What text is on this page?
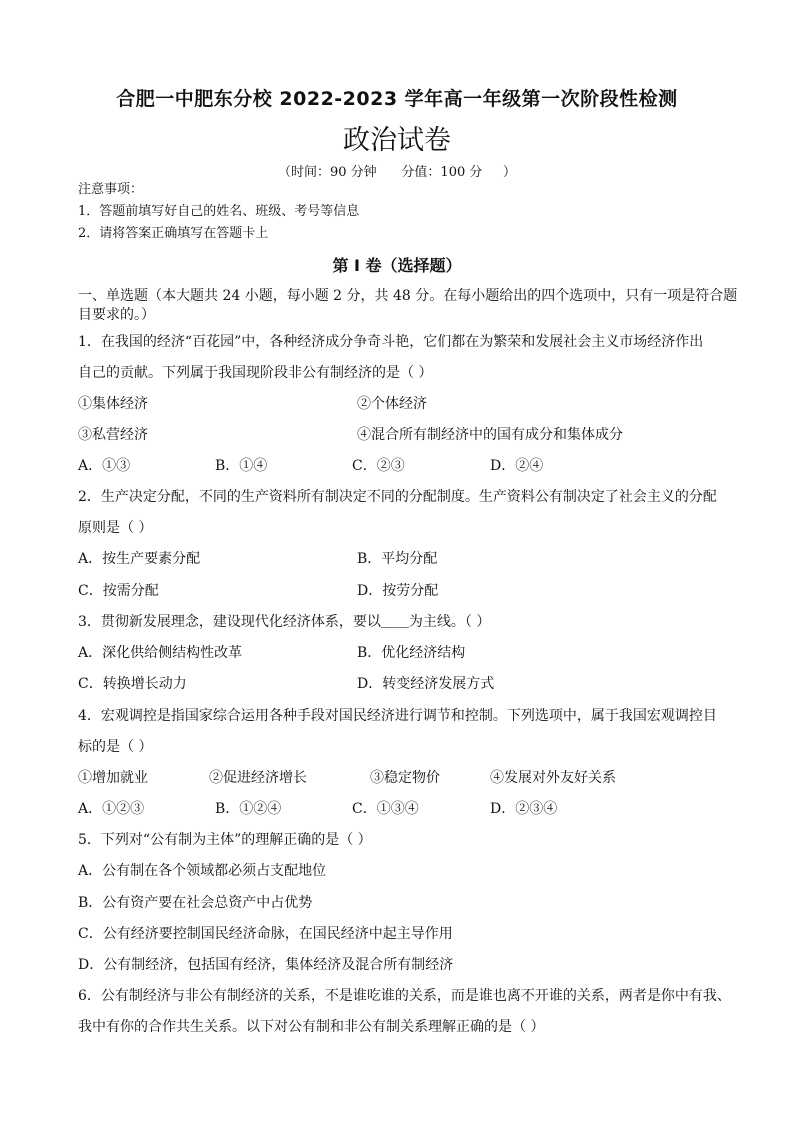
合肥一中肥东分校 2022-2023 学年高一年级第一次阶段性检测
政治试卷
（时间：90 分钟      分值：100 分     ）
注意事项：
1．答题前填写好自己的姓名、班级、考号等信息
2．请将答案正确填写在答题卡上
第 I 卷（选择题）
一、单选题（本大题共 24 小题，每小题 2 分，共 48 分。在每小题给出的四个选项中，只有一项是符合题
目要求的。）
1．在我国的经济“百花园”中，各种经济成分争奇斗艳，它们都在为繁荣和发展社会主义市场经济作出
自己的贡献。下列属于我国现阶段非公有制经济的是（ ）
①集体经济	②个体经济
③私营经济	④混合所有制经济中的国有成分和集体成分
A．①③	B．①④	C．②③	D．②④
2．生产决定分配，不同的生产资料所有制决定不同的分配制度。生产资料公有制决定了社会主义的分配
原则是（ ）
A．按生产要素分配	B．平均分配
C．按需分配	D．按劳分配
3．贯彻新发展理念，建设现代化经济体系，要以＿＿为主线。（ ）
A．深化供给侧结构性改革	B．优化经济结构
C．转换增长动力	D．转变经济发展方式
4．宏观调控是指国家综合运用各种手段对国民经济进行调节和控制。下列选项中，属于我国宏观调控目
标的是（ ）
①增加就业	②促进经济增长	③稳定物价	④发展对外友好关系
A．①②③	B．①②④	C．①③④	D．②③④
5．下列对“公有制为主体”的理解正确的是（ ）
A．公有制在各个领域都必须占支配地位
B．公有资产要在社会总资产中占优势
C．公有经济要控制国民经济命脉，在国民经济中起主导作用
D．公有制经济，包括国有经济，集体经济及混合所有制经济
6．公有制经济与非公有制经济的关系，不是谁吃谁的关系，而是谁也离不开谁的关系，两者是你中有我、
我中有你的合作共生关系。以下对公有制和非公有制关系理解正确的是（ ）
